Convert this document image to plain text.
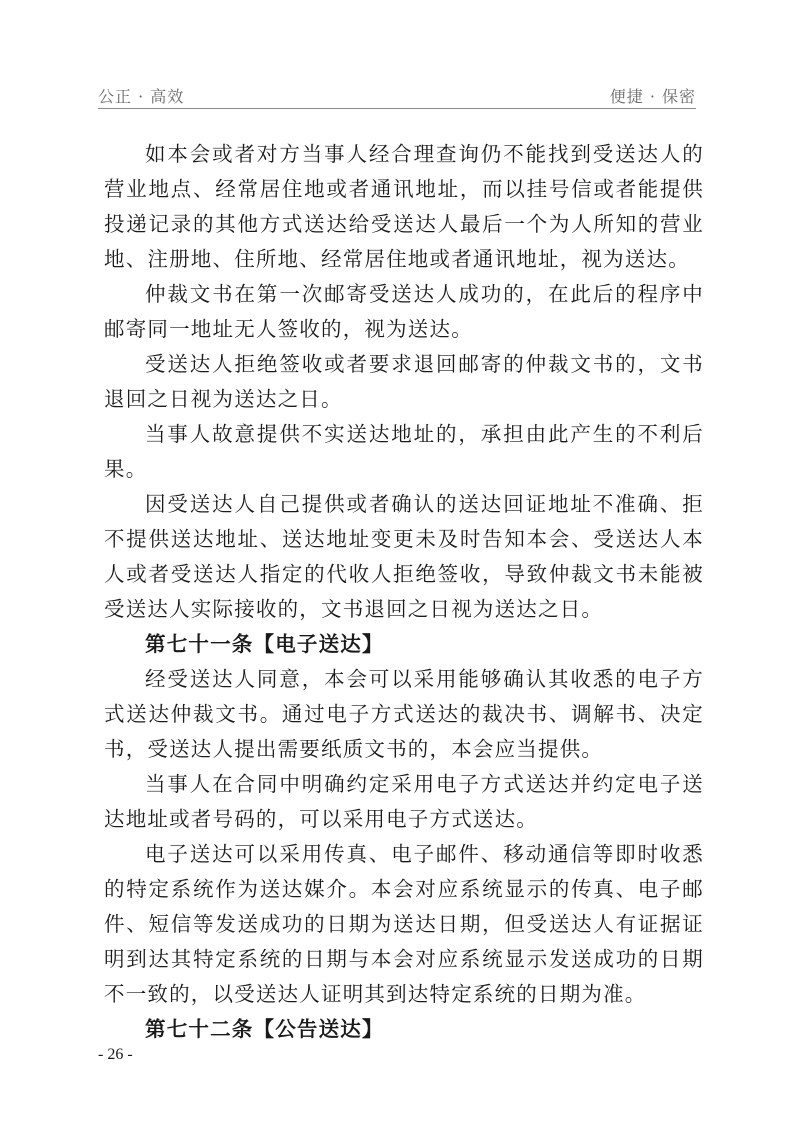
公正 · 高效	便捷 · 保密

如本会或者对方当事人经合理查询仍不能找到受送达人的营业地点、经常居住地或者通讯地址，而以挂号信或者能提供投递记录的其他方式送达给受送达人最后一个为人所知的营业地、注册地、住所地、经常居住地或者通讯地址，视为送达。

仲裁文书在第一次邮寄受送达人成功的，在此后的程序中邮寄同一地址无人签收的，视为送达。

受送达人拒绝签收或者要求退回邮寄的仲裁文书的，文书退回之日视为送达之日。

当事人故意提供不实送达地址的，承担由此产生的不利后果。

因受送达人自己提供或者确认的送达回证地址不准确、拒不提供送达地址、送达地址变更未及时告知本会、受送达人本人或者受送达人指定的代收人拒绝签收，导致仲裁文书未能被受送达人实际接收的，文书退回之日视为送达之日。

第七十一条【电子送达】

经受送达人同意，本会可以采用能够确认其收悉的电子方式送达仲裁文书。通过电子方式送达的裁决书、调解书、决定书，受送达人提出需要纸质文书的，本会应当提供。

当事人在合同中明确约定采用电子方式送达并约定电子送达地址或者号码的，可以采用电子方式送达。

电子送达可以采用传真、电子邮件、移动通信等即时收悉的特定系统作为送达媒介。本会对应系统显示的传真、电子邮件、短信等发送成功的日期为送达日期，但受送达人有证据证明到达其特定系统的日期与本会对应系统显示发送成功的日期不一致的，以受送达人证明其到达特定系统的日期为准。

第七十二条【公告送达】

- 26 -
